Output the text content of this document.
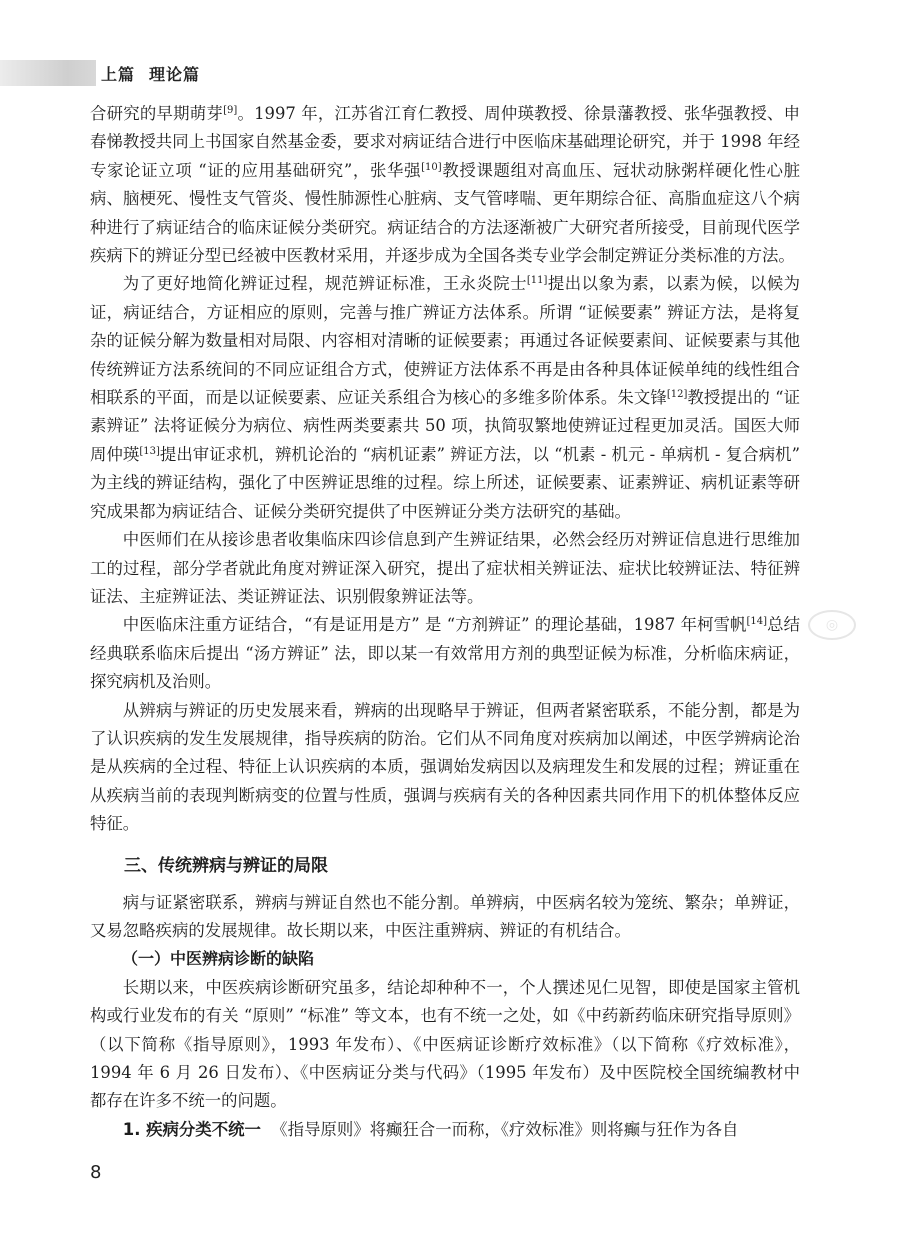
上篇 理论篇
◎

合研究的早期萌芽[9]。1997 年，江苏省江育仁教授、周仲瑛教授、徐景藩教授、张华强教授、申春悌教授共同上书国家自然基金委，要求对病证结合进行中医临床基础理论研究，并于 1998 年经专家论证立项 “证的应用基础研究”，张华强[10]教授课题组对高血压、冠状动脉粥样硬化性心脏病、脑梗死、慢性支气管炎、慢性肺源性心脏病、支气管哮喘、更年期综合征、高脂血症这八个病种进行了病证结合的临床证候分类研究。病证结合的方法逐渐被广大研究者所接受，目前现代医学疾病下的辨证分型已经被中医教材采用，并逐步成为全国各类专业学会制定辨证分类标准的方法。

为了更好地简化辨证过程，规范辨证标准，王永炎院士[11]提出以象为素，以素为候，以候为证，病证结合，方证相应的原则，完善与推广辨证方法体系。所谓 “证候要素” 辨证方法，是将复杂的证候分解为数量相对局限、内容相对清晰的证候要素；再通过各证候要素间、证候要素与其他传统辨证方法系统间的不同应证组合方式，使辨证方法体系不再是由各种具体证候单纯的线性组合相联系的平面，而是以证候要素、应证关系组合为核心的多维多阶体系。朱文锋[12]教授提出的 “证素辨证” 法将证候分为病位、病性两类要素共 50 项，执简驭繁地使辨证过程更加灵活。国医大师周仲瑛[13]提出审证求机，辨机论治的 “病机证素” 辨证方法，以 “机素 - 机元 - 单病机 - 复合病机” 为主线的辨证结构，强化了中医辨证思维的过程。综上所述，证候要素、证素辨证、病机证素等研究成果都为病证结合、证候分类研究提供了中医辨证分类方法研究的基础。

中医师们在从接诊患者收集临床四诊信息到产生辨证结果，必然会经历对辨证信息进行思维加工的过程，部分学者就此角度对辨证深入研究，提出了症状相关辨证法、症状比较辨证法、特征辨证法、主症辨证法、类证辨证法、识别假象辨证法等。

中医临床注重方证结合，“有是证用是方” 是 “方剂辨证” 的理论基础，1987 年柯雪帆[14]总结经典联系临床后提出 “汤方辨证” 法，即以某一有效常用方剂的典型证候为标准，分析临床病证，探究病机及治则。

从辨病与辨证的历史发展来看，辨病的出现略早于辨证，但两者紧密联系，不能分割，都是为了认识疾病的发生发展规律，指导疾病的防治。它们从不同角度对疾病加以阐述，中医学辨病论治是从疾病的全过程、特征上认识疾病的本质，强调始发病因以及病理发生和发展的过程；辨证重在从疾病当前的表现判断病变的位置与性质，强调与疾病有关的各种因素共同作用下的机体整体反应特征。

三、传统辨病与辨证的局限

病与证紧密联系，辨病与辨证自然也不能分割。单辨病，中医病名较为笼统、繁杂；单辨证，又易忽略疾病的发展规律。故长期以来，中医注重辨病、辨证的有机结合。

（一）中医辨病诊断的缺陷

长期以来，中医疾病诊断研究虽多，结论却种种不一，个人撰述见仁见智，即使是国家主管机构或行业发布的有关 “原则” “标准” 等文本，也有不统一之处，如《中药新药临床研究指导原则》（以下简称《指导原则》，1993 年发布）、《中医病证诊断疗效标准》（以下简称《疗效标准》，1994 年 6 月 26 日发布）、《中医病证分类与代码》（1995 年发布）及中医院校全国统编教材中都存在许多不统一的问题。

1. 疾病分类不统一 《指导原则》将癫狂合一而称，《疗效标准》则将癫与狂作为各自

8
